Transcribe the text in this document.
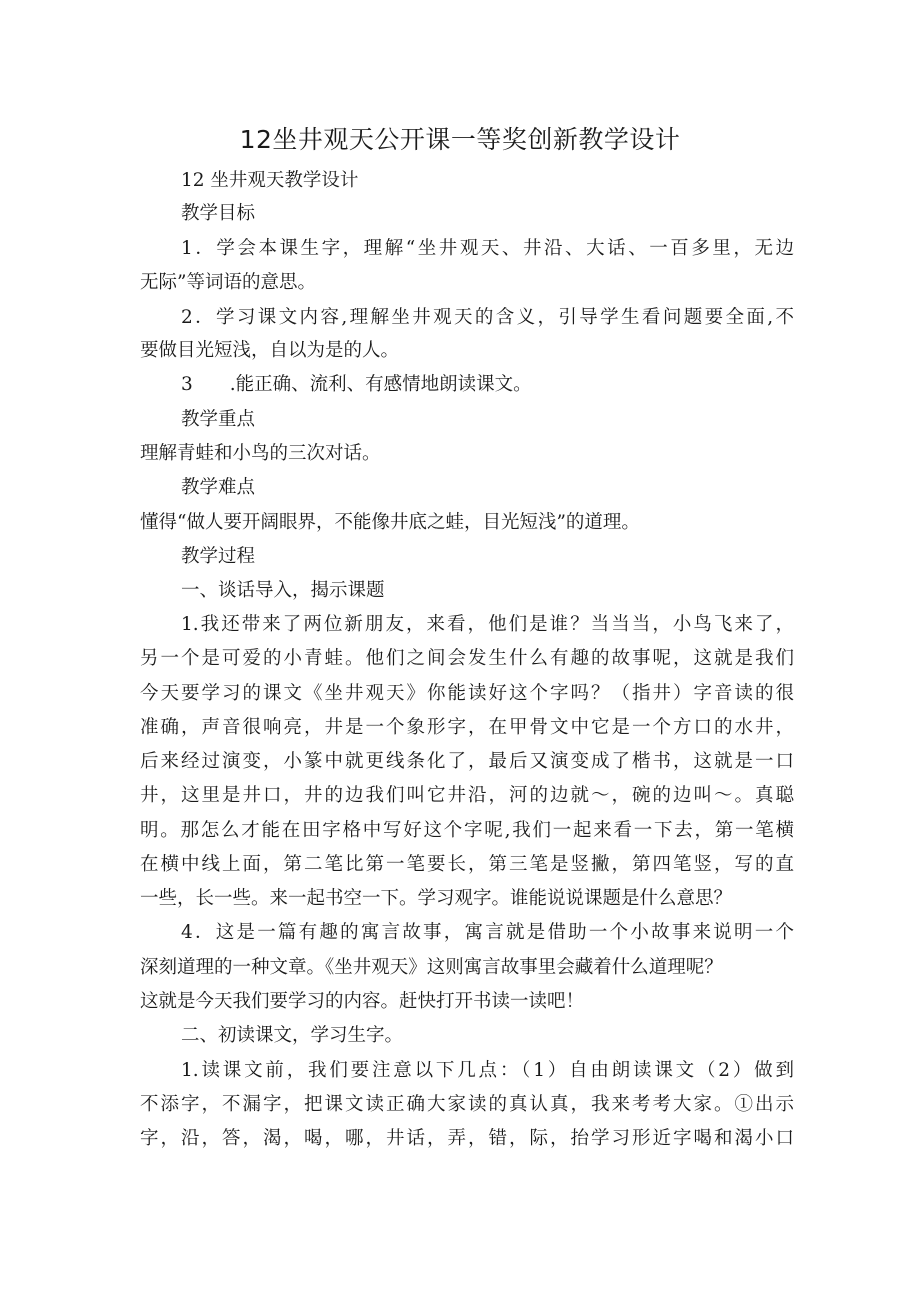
12坐井观天公开课一等奖创新教学设计
12 坐井观天教学设计
教学目标
1．学会本课生字，理解“坐井观天、井沿、大话、一百多里，无边
无际”等词语的意思。
2．学习课文内容,理解坐井观天的含义，引导学生看问题要全面,不
要做目光短浅，自以为是的人。
3　　.能正确、流利、有感情地朗读课文。
教学重点
理解青蛙和小鸟的三次对话。
教学难点
懂得“做人要开阔眼界，不能像井底之蛙，目光短浅”的道理。
教学过程
一、谈话导入，揭示课题
1.我还带来了两位新朋友，来看，他们是谁？当当当，小鸟飞来了，
另一个是可爱的小青蛙。他们之间会发生什么有趣的故事呢，这就是我们
今天要学习的课文《坐井观天》你能读好这个字吗？（指井）字音读的很
准确，声音很响亮，井是一个象形字，在甲骨文中它是一个方口的水井，
后来经过演变，小篆中就更线条化了，最后又演变成了楷书，这就是一口
井，这里是井口，井的边我们叫它井沿，河的边就～，碗的边叫～。真聪
明。那怎么才能在田字格中写好这个字呢,我们一起来看一下去，第一笔横
在横中线上面，第二笔比第一笔要长，第三笔是竖撇，第四笔竖，写的直
一些，长一些。来一起书空一下。学习观字。谁能说说课题是什么意思？
4．这是一篇有趣的寓言故事，寓言就是借助一个小故事来说明一个
深刻道理的一种文章。《坐井观天》这则寓言故事里会藏着什么道理呢？
这就是今天我们要学习的内容。赶快打开书读一读吧！
二、初读课文，学习生字。
1.读课文前，我们要注意以下几点：（1）自由朗读课文（2）做到
不添字，不漏字，把课文读正确大家读的真认真，我来考考大家。①出示
字，沿，答，渴，喝，哪，井话，弄，错，际，抬学习形近字喝和渴小口
